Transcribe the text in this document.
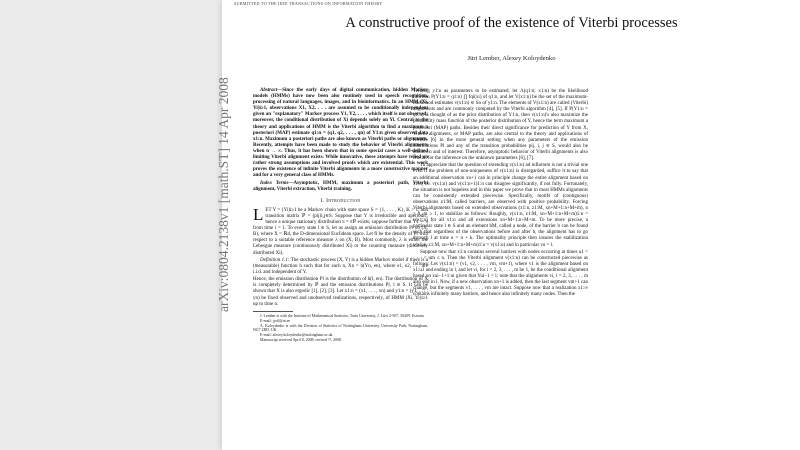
SUBMITTED TO THE IEEE TRANSACTIONS ON INFORMATION THEORY
A constructive proof of the existence of Viterbi processes
Jüri Lember, Alexey Koloydenko

Abstract—Since the early days of digital communication, hidden Markov models (HMMs) have now been also routinely used in speech recognition, processing of natural languages, images, and in bioinformatics. In an HMM (Xi, Yi)i≥1, observations X1, X2, . . . are assumed to be conditionally independent given an "explanatory" Markov process Y1, Y2, . . . , which itself is not observed; moreover, the conditional distribution of Xi depends solely on Yi. Central to the theory and applications of HMM is the Viterbi algorithm to find a maximum a posteriori (MAP) estimate q1:n = (q1, q2, . . . , qn) of Y1:n given observed data x1:n. Maximum a posteriori paths are also known as Viterbi paths or alignments. Recently, attempts have been made to study the behavior of Viterbi alignments when n → ∞. Thus, it has been shown that in some special cases a well-defined limiting Viterbi alignment exists. While innovative, these attempts have relied on rather strong assumptions and involved proofs which are existential. This work proves the existence of infinite Viterbi alignments in a more constructive manner and for a very general class of HMMs.

Index Terms—Asymptotic, HMM, maximum a posteriori path, Viterbi alignment, Viterbi extraction, Viterbi training.

I. Introduction

LET Y = (Yi)i≥1 be a Markov chain with state space S = {1, . . . , K}, K > 1, and transition matrix ℙ = (pij)i,j∈S. Suppose that Y is irreducible and aperiodic, hence a unique stationary distribution π = πℙ exists; suppose further that Y1 ∼ π from time i = 1. To every state l ∈ S, let us assign an emission distribution Pl on (X, B), where X = ℝd, the D-dimensional Euclidean space. Let fl be the density of Pl with respect to a suitable reference measure λ on (X, B). Most commonly, λ is either the Lebesgue measure (continuously distributed Xi) or the counting measure (discretely distributed Xi).

Definition 1.1: The stochastic process (X, Y) is a hidden Markov model if there is a (measurable) function h such that for each n, Xn = h(Yn, en), where e1, e2, . . . are i.i.d. and independent of Y.

Hence, the emission distribution Pl is the distribution of h(l, en). The distribution of X is completely determined by ℙ and the emission distributions Pl, l ∈ S. It can be shown that X is also ergodic [1], [2], [3]. Let x1:n = (x1, . . . , xn) and y1:n = (y1, . . . , yn) be fixed observed and unobserved realizations, respectively, of HMM (Xi, Yi)i≥1 up to time n.

J. Lember is with the Institute of Mathematical Statistics, Tartu University, J. Liivi 2-507, 50409, Estonia.

E-mail: jyril@ut.ee

A. Koloydenko is with the Division of Statistics of Nottingham University, University Park, Nottingham, NG7 2RD, UK.

E-mail: alexey.koloydenko@nottingham.ac.uk

Manuscript received April 8, 2008; revised ??, 2008

Treating y1:n as parameters to be estimated, let Λ(q1:n; x1:n) be the likelihood function P(Y1:n = q1:n) ∏ fqi(xi) of q1:n, and let V(x1:n) be the set of the maximum-likelihood estimates v(x1:n) ∈ Sn of y1:n. The elements of V(x1:n) are called (Viterbi) alignments and are commonly computed by the Viterbi algorithm [4], [5]. If P(Y1:n = q1:n) is thought of as the prior distribution of Y1:n, then v(x1:n)'s also maximize the probability mass function of the posterior distribution of Y, hence the term maximum a posteriori (MAP) paths. Besides their direct significance for prediction of Y from X, Viterbi alignments, or MAP paths, are also central to the theory and applications of HMMs [6] in the more general setting when any parameters of the emission distributions Pl and any of the transition probabilities pij, i, j ∈ S, would also be unknown and of interest. Therefore, asymptotic behavior of Viterbi alignments is also crucial for the inference on the unknown parameters [6], [7].

To appreciate that the question of extending v(x1:n) ad infinitum is not a trivial one even if the problem of non-uniqueness of v(x1:n) is disregarded, suffice it to say that an additional observation xn+1 can in principle change the entire alignment based on x1:n, i.e. v(x1:n) and v(x1:n+1)1:n can disagree significantly, if not fully. Fortunately, the situation is not hopeless and in this paper we prove that in most HMMs alignments can be consistently extended piecewise. Specifically, motifs of (contiguous) observations z1:M, called barriers, are observed with positive probability. Forcing Viterbi alignments based on extended observations (x1:n, z1:M, xn+M+1:n+M+m), n ≥ 0, m ≥ 1, to stabilize as follows: Roughly, v(x1:n, z1:M, xn+M+1:n+M+m)1:n = v(x1:n) for all x1:n and all extensions xn+M+1:n+M+m. To be more precise, a particular state l ∈ S and an element bM, called a node, of the barrier b can be found such that regardless of the observations before and after b, the alignment has to go through l at time u = n + k. The optimality principle then insures the stabilization v(x1:n, z1:M, xn+M+1:n+M+m)1:u = v(x1:u) and in particular vu = l.

Suppose now that x1:n contains several barriers with nodes occurring at times u1 < · · · < um ≤ n. Then the Viterbi alignment v(x1:n) can be constructed piecewise as follows: Let v(x1:n) = (v1, v2, . . . , vm, vm+1), where v1 is the alignment based on x1:u1 and ending in l, and let vi, for i = 2, 3, . . . , m be 1, be the conditional alignment based on xui−1+1:ui given that Yui−1 = l; note that the alignments vi, i = 2, 3, . . . , m also end in l. Now, if a new observation xn+1 is added, then the last segment vm+1 can change, but the segments v1, . . . , vm are intact. Suppose now that a realization x1:∞ contains infinitely many barriers, and hence also infinitely many nodes. Then the

arXiv:0804.2138v1 [math.ST] 14 Apr 2008
